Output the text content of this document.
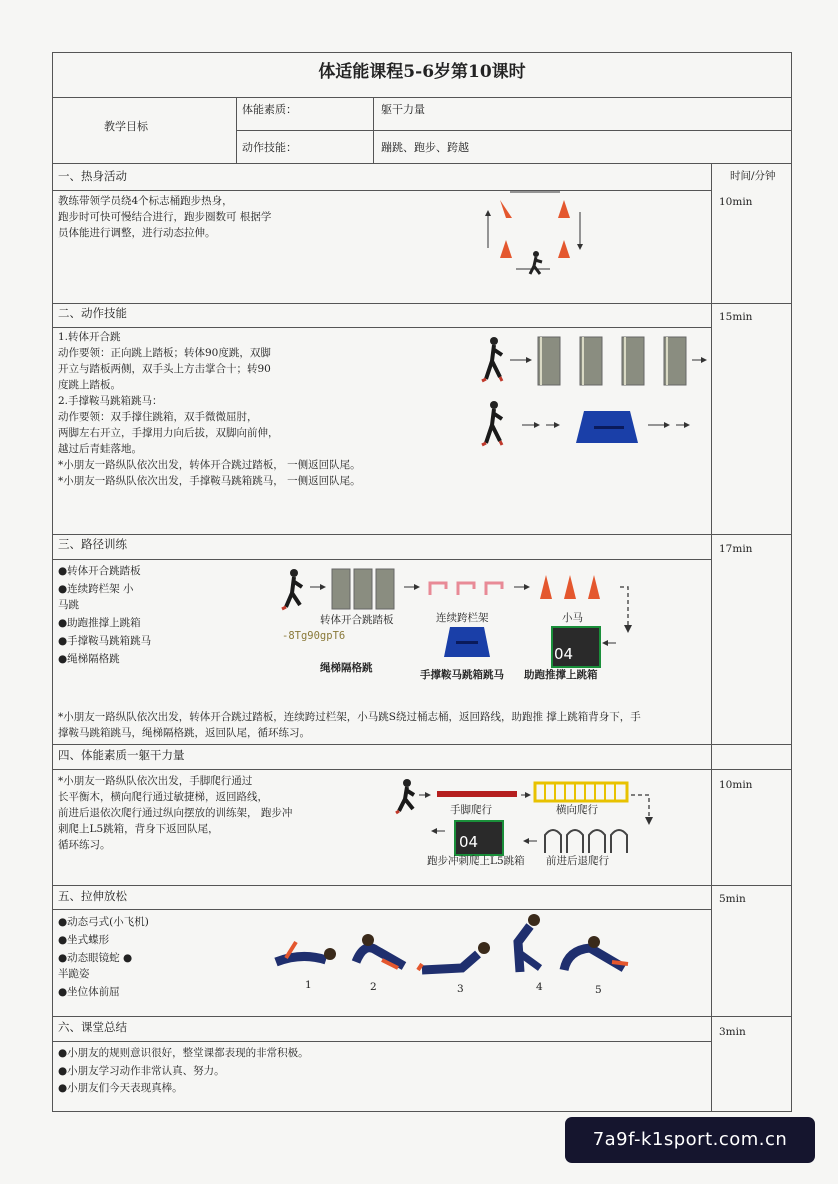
体适能课程5-6岁第10课时
教学目标
体能素质：	躯干力量
动作技能：	蹦跳、跑步、跨越
时间/分钟
一、热身活动
教练带领学员绕4个标志桶跑步热身，
跑步时可快可慢结合进行，跑步圈数可 根据学
员体能进行调整，进行动态拉伸。
10min
二、动作技能
1.转体开合跳
动作要领：正向跳上踏板；转体90度跳，双脚
开立与踏板两侧，双手头上方击掌合十；转90
度跳上踏板。
2.手撑鞍马跳箱跳马：
动作要领：双手撑住跳箱，双手微微屈肘，
两脚左右开立，手撑用力向后拔，双脚向前伸，
越过后青蛙落地。
*小朋友一路纵队依次出发，转体开合跳过踏板， 一侧返回队尾。
*小朋友一路纵队依次出发，手撑鞍马跳箱跳马， 一侧返回队尾。
15min
三、路径训练	17min
●转体开合跳踏板
●连续跨栏架 小
马跳
●助跑推撑上跳箱
●手撑鞍马跳箱跳马
●绳梯隔格跳
转体开合跳踏板	连续跨栏架	小马
-8Tg90gpT6
04
绳梯隔格跳
手撑鞍马跳箱跳马 助跑推撑上跳箱
*小朋友一路纵队依次出发，转体开合跳过踏板，连续跨过栏架，小马跳S绕过桶志桶，返回路线，助跑推 撑上跳箱背身下，手
撑鞍马跳箱跳马，绳梯隔格跳，返回队尾，循环练习。
四、体能素质一躯干力量
10min
*小朋友一路纵队依次出发，手脚爬行通过
长平衡木，横向爬行通过敏捷梯，返回路线，
前进后退依次爬行通过纵向摆放的训练架， 跑步冲
刺爬上L5跳箱，背身下返回队尾，
循环练习。
手脚爬行	横向爬行
04
跑步冲刺爬上L5跳箱 前进后退爬行
五、拉伸放松	5min
●动态弓式(小飞机)
●坐式蝶形
●动态眼镜蛇 ●
半跪姿
●坐位体前屈
1	2	3	4	5
六、课堂总结	3min
●小朋友的规则意识很好，整堂课都表现的非常积极。
●小朋友学习动作非常认真、努力。
●小朋友们今天表现真棒。
7a9f-k1sport.com.cn
